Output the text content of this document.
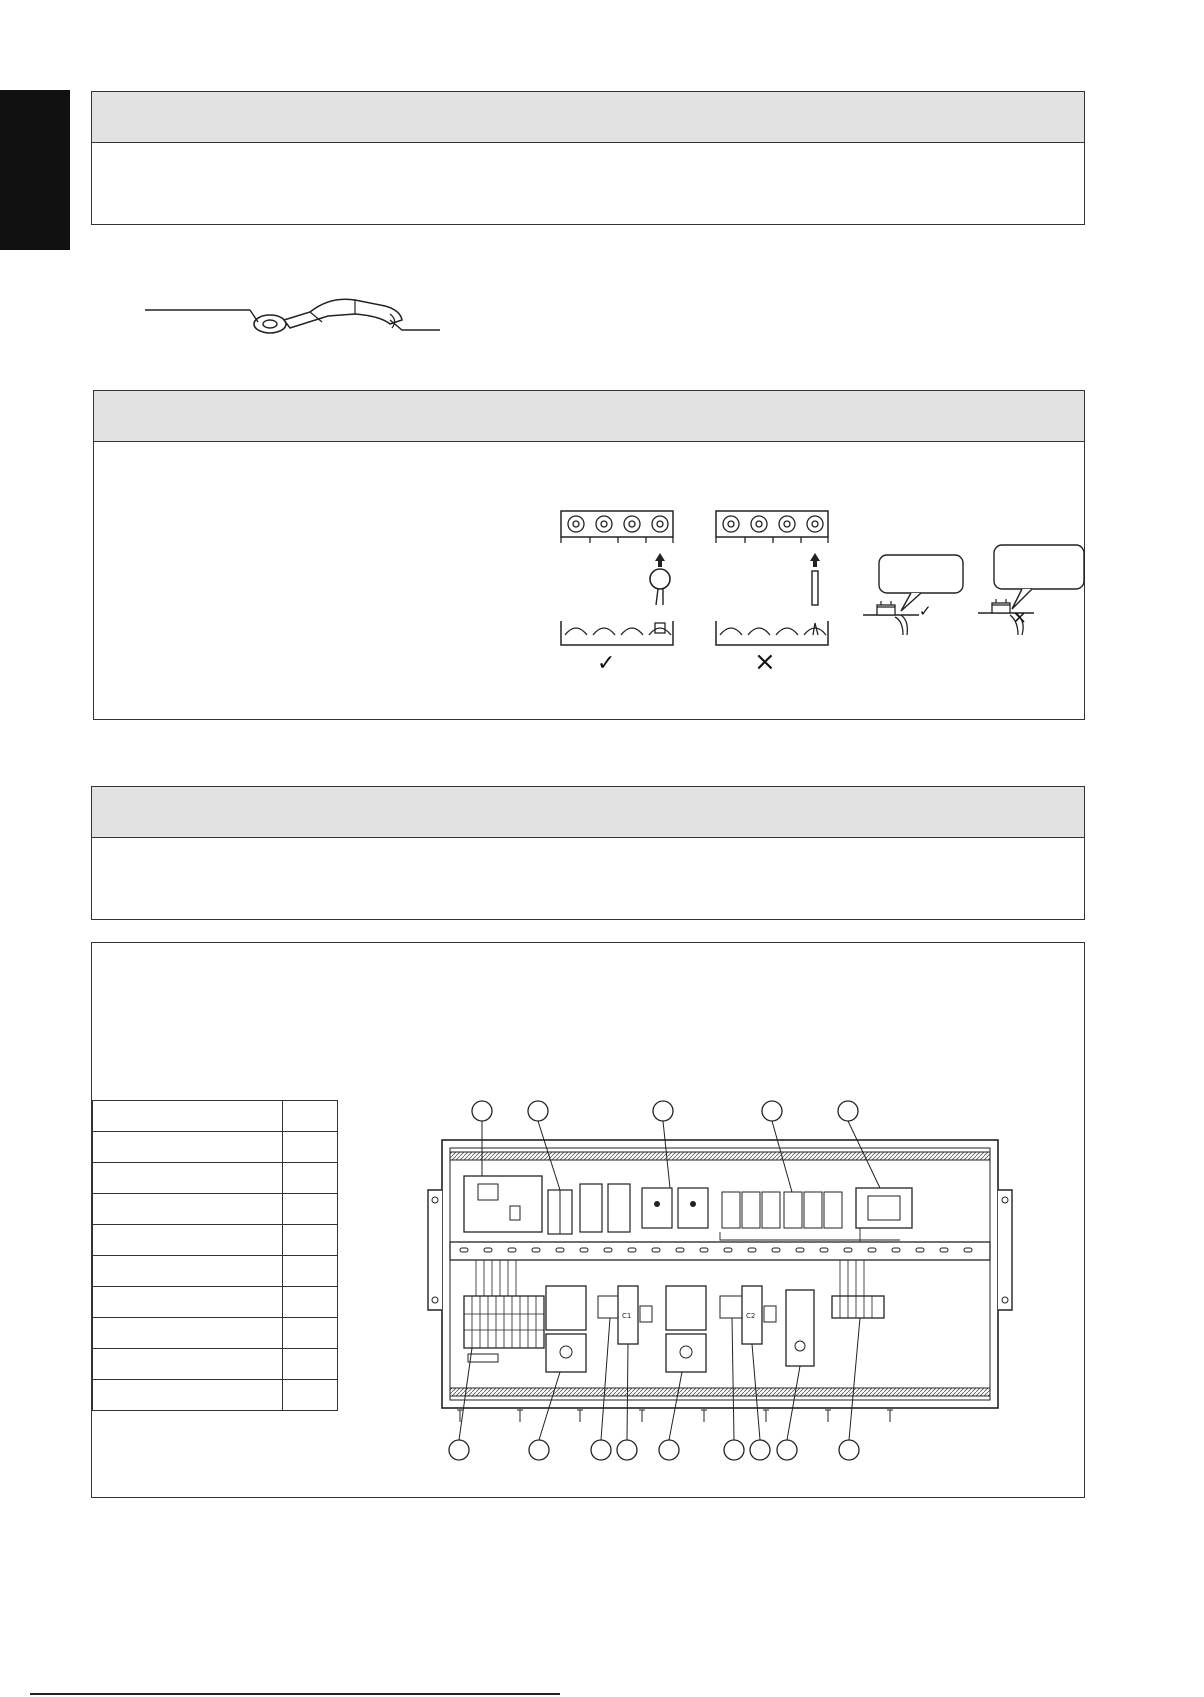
✓	×
✓	×

C1	C2
